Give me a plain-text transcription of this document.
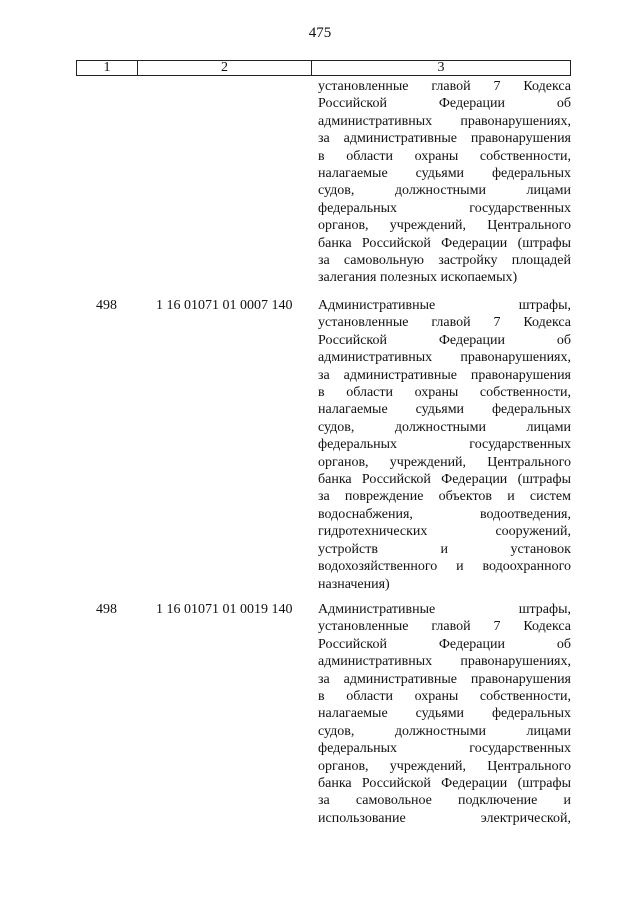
475
1	2	3
установленные главой 7 Кодекса
Российской Федерации об
административных правонарушениях,
за административные правонарушения
в области охраны собственности,
налагаемые судьями федеральных
судов, должностными лицами
федеральных государственных
органов, учреждений, Центрального
банка Российской Федерации (штрафы
за самовольную застройку площадей
залегания полезных ископаемых)
498	1 16 01071 01 0007 140 Административные штрафы,
установленные главой 7 Кодекса
Российской Федерации об
административных правонарушениях,
за административные правонарушения
в области охраны собственности,
налагаемые судьями федеральных
судов, должностными лицами
федеральных государственных
органов, учреждений, Центрального
банка Российской Федерации (штрафы
за повреждение объектов и систем
водоснабжения, водоотведения,
гидротехнических сооружений,
устройств и установок
водохозяйственного и водоохранного
назначения)
498	1 16 01071 01 0019 140 Административные штрафы,
установленные главой 7 Кодекса
Российской Федерации об
административных правонарушениях,
за административные правонарушения
в области охраны собственности,
налагаемые судьями федеральных
судов, должностными лицами
федеральных государственных
органов, учреждений, Центрального
банка Российской Федерации (штрафы
за самовольное подключение и
использование электрической,
